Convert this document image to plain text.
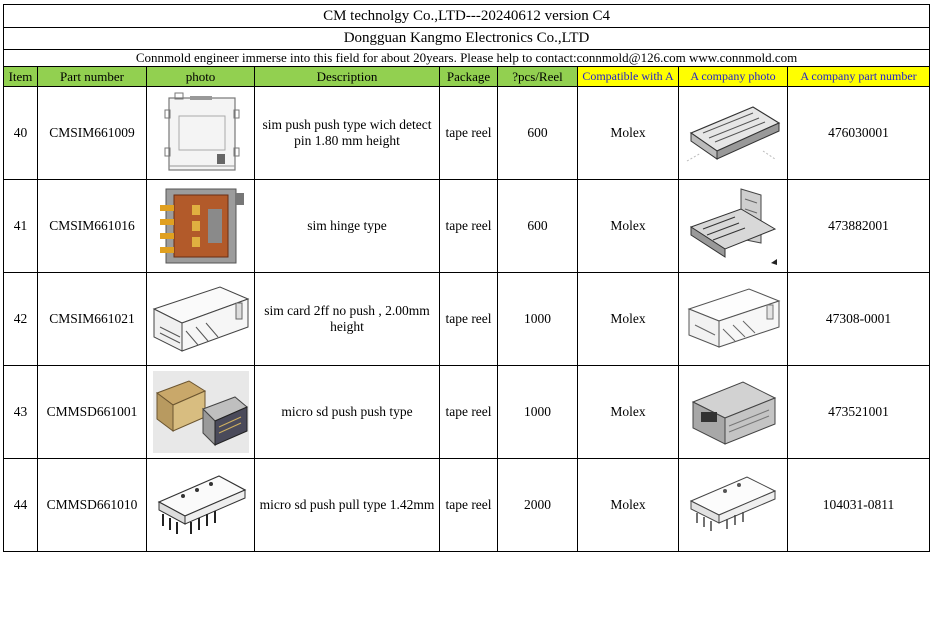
CM technolgy Co.,LTD---20240612 version C4								
Dongguan Kangmo Electronics Co.,LTD								
Connmold engineer immerse into this field for about 20years. Please help to contact:connmold@126.com www.connmold.com								
Item	Part number	photo	Description	Package	?pcs/Reel	Compatible with A	A company photo	A company part number
40	CMSIM661009		sim push push type wich detect pin 1.80 mm height	tape reel	600	Molex		476030001
41	CMSIM661016		sim hinge type	tape reel	600	Molex		473882001
42	CMSIM661021		sim card 2ff no push , 2.00mm height	tape reel	1000	Molex		47308-0001
43	CMMSD661001		micro sd push push type	tape reel	1000	Molex		473521001
44	CMMSD661010		micro sd push pull type 1.42mm	tape reel	2000	Molex		104031-0811
